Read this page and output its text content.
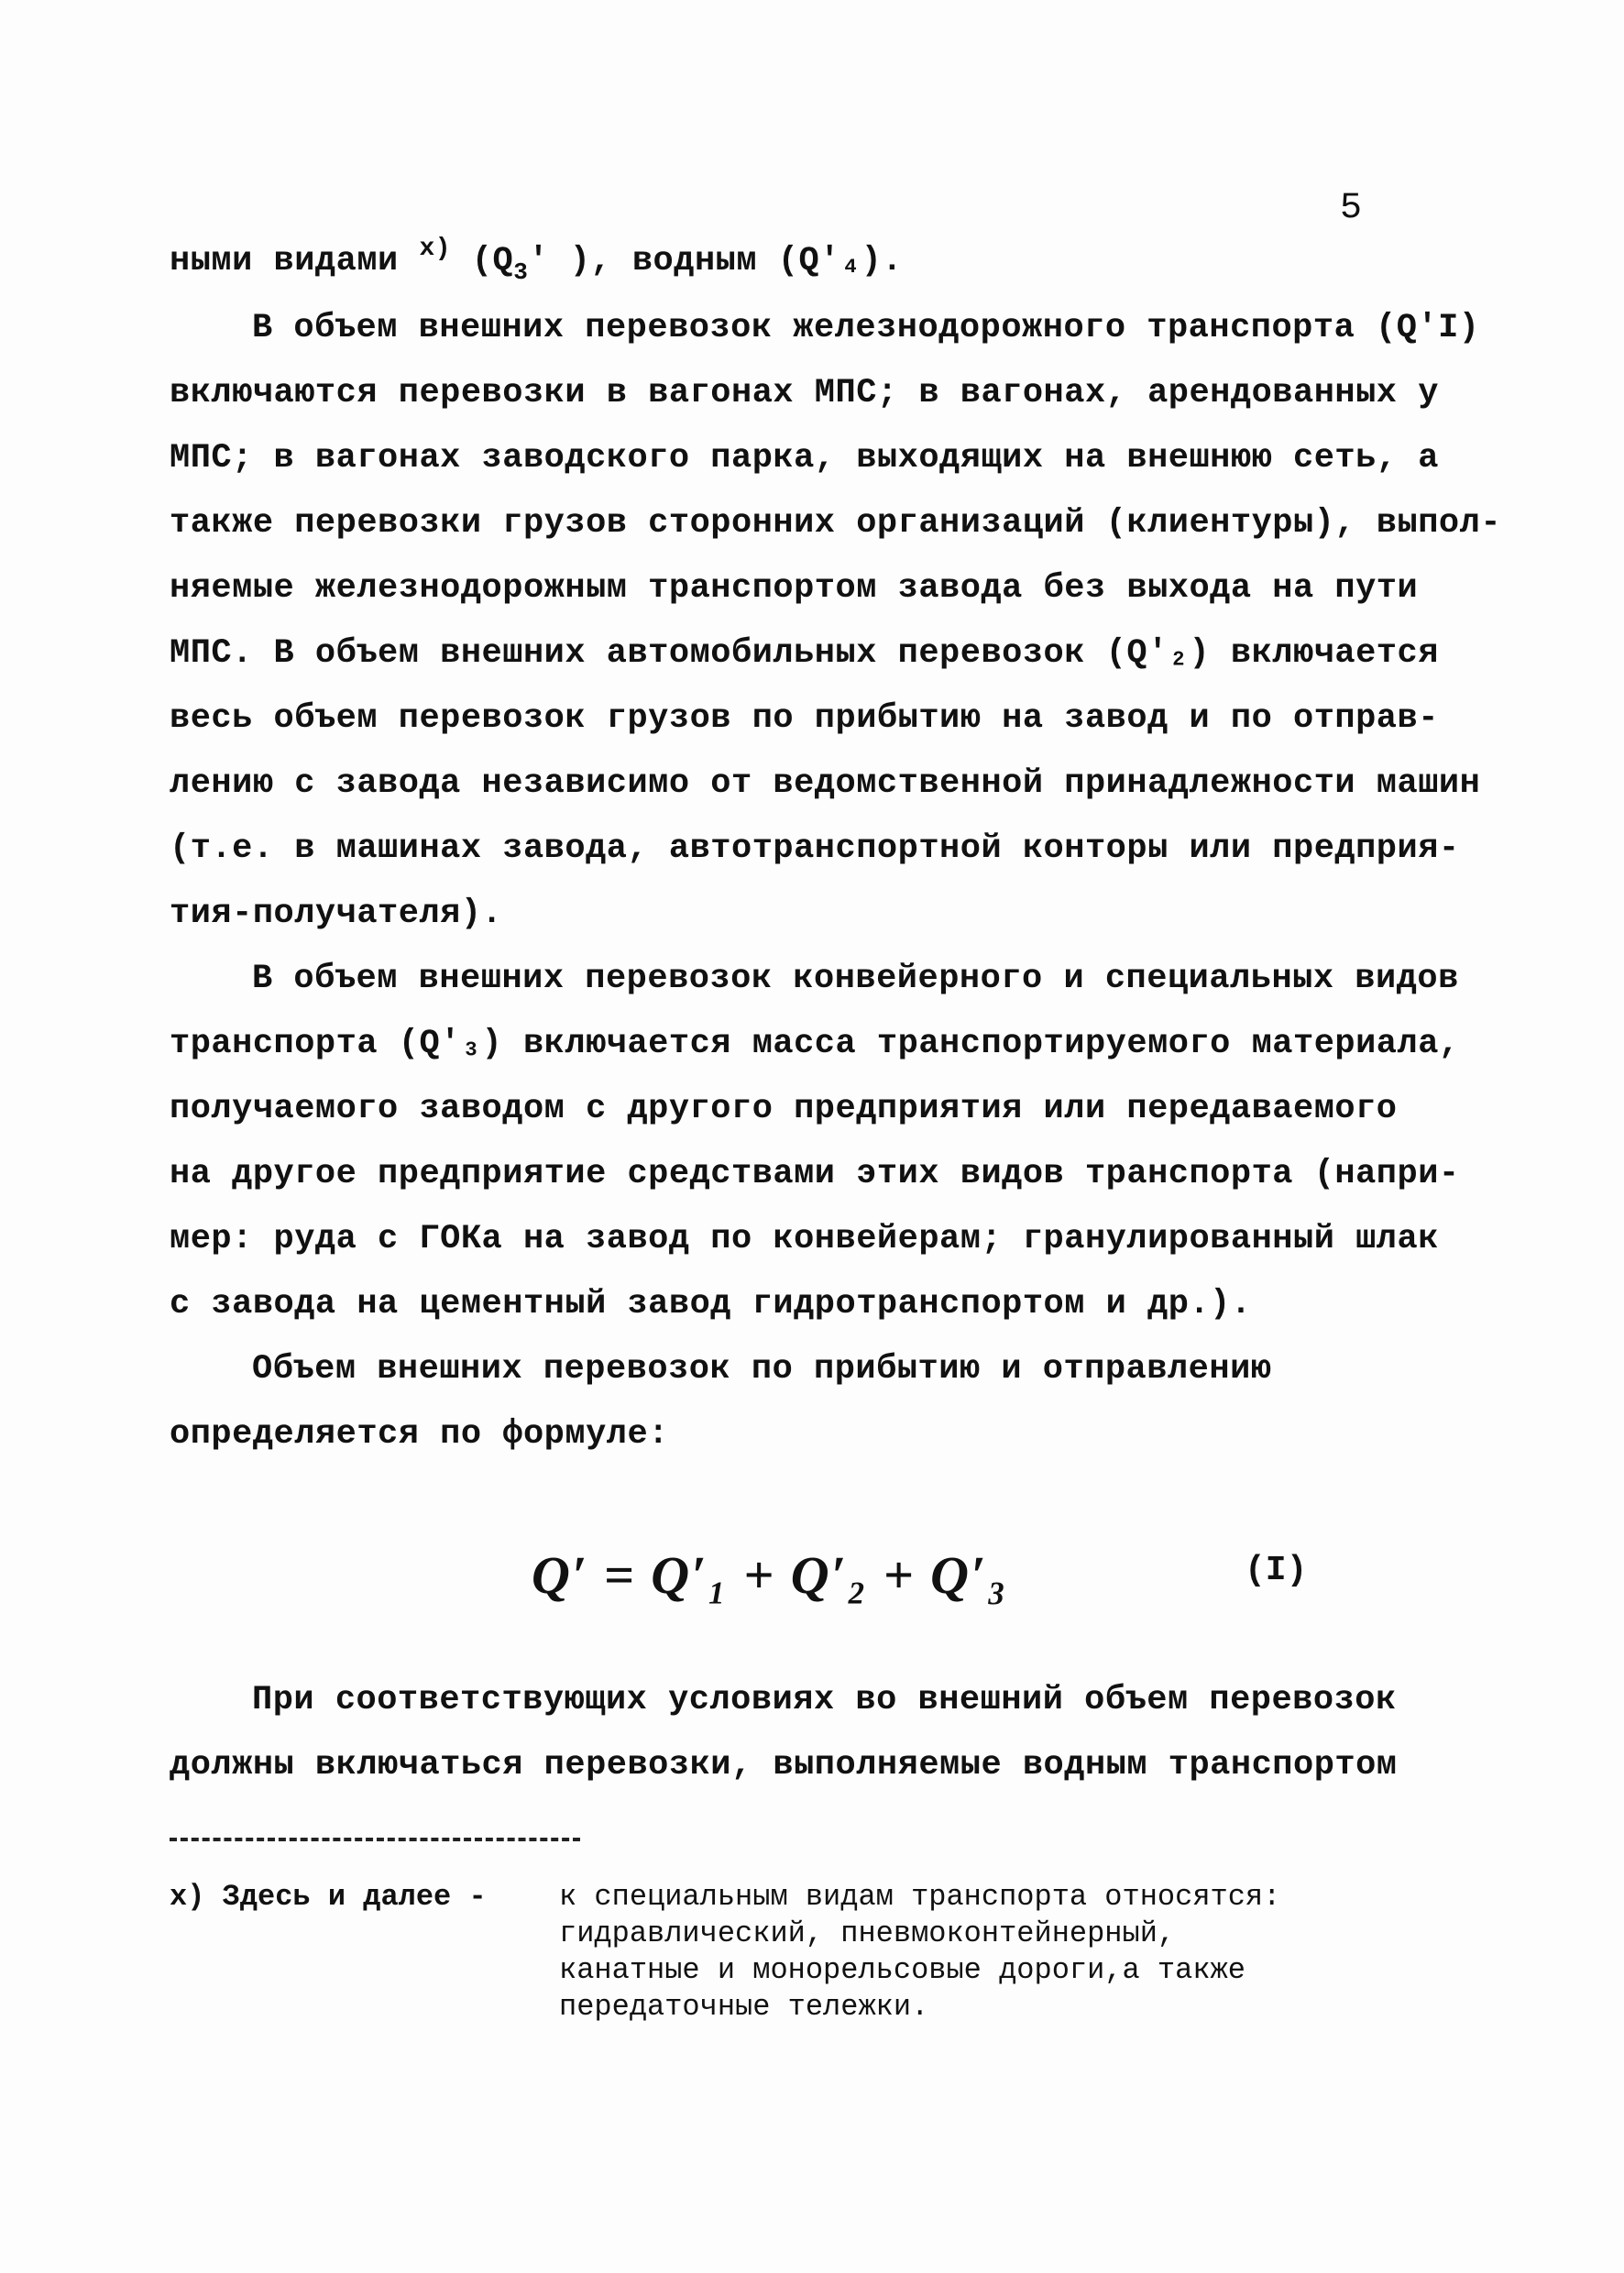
5
ными видами $^{x)}$ ($Q_3'$ ), водным (Q′₄).
В объем внешних перевозок железнодорожного транспорта (Q′I)
включаются перевозки в вагонах МПС; в вагонах, арендованных у
МПС; в вагонах заводского парка, выходящих на внешнюю сеть, а
также перевозки грузов сторонних организаций (клиентуры), выпол-
няемые железнодорожным транспортом завода без выхода на пути
МПС. В объем внешних автомобильных перевозок (Q′₂) включается
весь объем перевозок грузов по прибытию на завод и по отправ-
лению с завода независимо от ведомственной принадлежности машин
(т.е. в машинах завода, автотранспортной конторы или предприя-
тия-получателя).
В объем внешних перевозок конвейерного и специальных видов
транспорта (Q′₃) включается масса транспортируемого материала,
получаемого заводом с другого предприятия или передаваемого
на другое предприятие средствами этих видов транспорта (напри-
мер: руда с ГОКа на завод по конвейерам; гранулированный шлак
с завода на цементный завод гидротранспортом и др.).
Объем внешних перевозок по прибытию и отправлению
определяется по формуле:
Q′ = Q′₁ + Q′₂ + Q′₃	(I)
При соответствующих условиях во внешний объем перевозок
должны включаться перевозки, выполняемые водным транспортом
x) Здесь и далее - к специальным видам транспорта относятся:
гидравлический, пневмоконтейнерный,
канатные и монорельсовые дороги,а также
передаточные тележки.
